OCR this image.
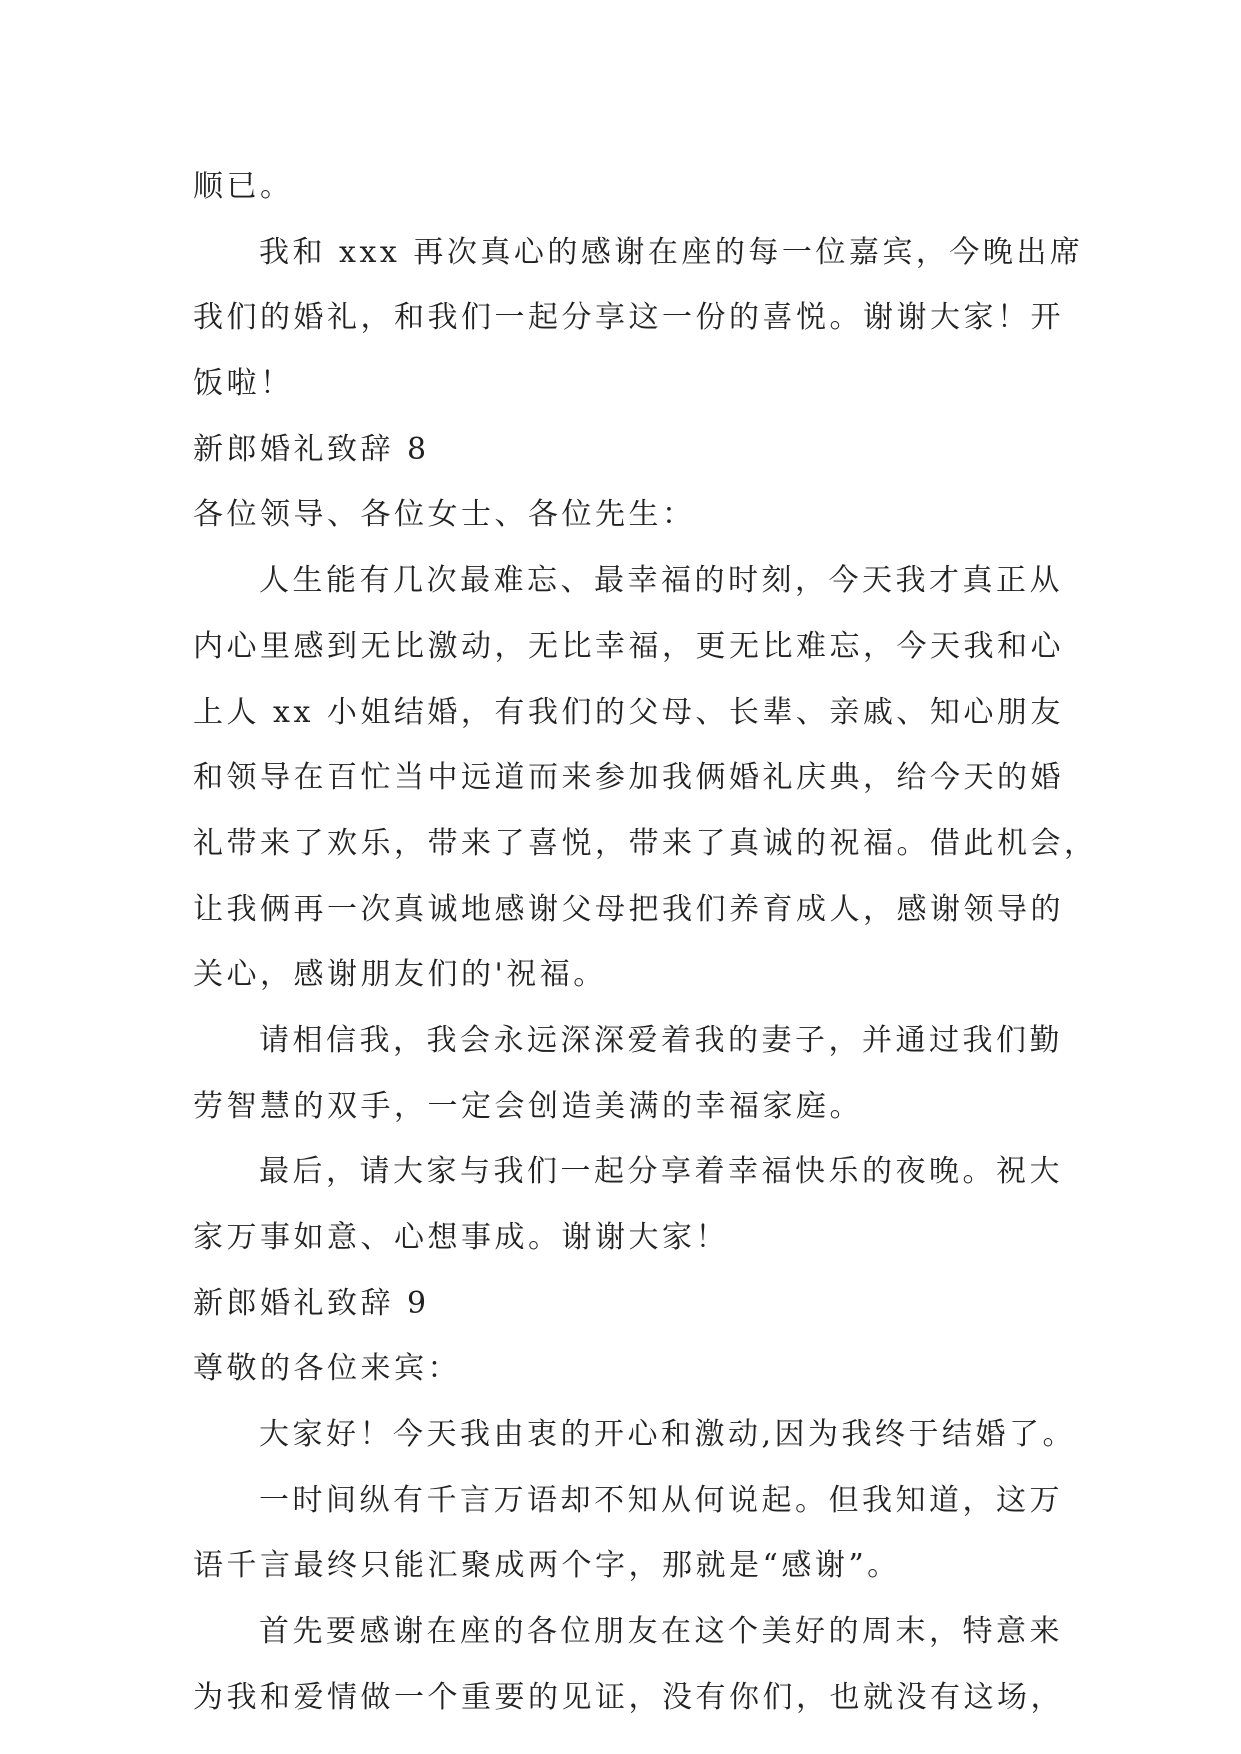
顺已。

我和 xxx 再次真心的感谢在座的每一位嘉宾，今晚出席

我们的婚礼，和我们一起分享这一份的喜悦。谢谢大家！开

饭啦！

新郎婚礼致辞 8

各位领导、各位女士、各位先生：

人生能有几次最难忘、最幸福的时刻，今天我才真正从

内心里感到无比激动，无比幸福，更无比难忘，今天我和心

上人 xx 小姐结婚，有我们的父母、长辈、亲戚、知心朋友

和领导在百忙当中远道而来参加我俩婚礼庆典，给今天的婚

礼带来了欢乐，带来了喜悦，带来了真诚的祝福。借此机会，

让我俩再一次真诚地感谢父母把我们养育成人，感谢领导的

关心，感谢朋友们的'祝福。

请相信我，我会永远深深爱着我的妻子，并通过我们勤

劳智慧的双手，一定会创造美满的幸福家庭。

最后，请大家与我们一起分享着幸福快乐的夜晚。祝大

家万事如意、心想事成。谢谢大家！

新郎婚礼致辞 9

尊敬的各位来宾：

大家好！今天我由衷的开心和激动,因为我终于结婚了。

一时间纵有千言万语却不知从何说起。但我知道，这万

语千言最终只能汇聚成两个字，那就是“感谢”。

首先要感谢在座的各位朋友在这个美好的周末，特意来

为我和爱情做一个重要的见证，没有你们，也就没有这场，
